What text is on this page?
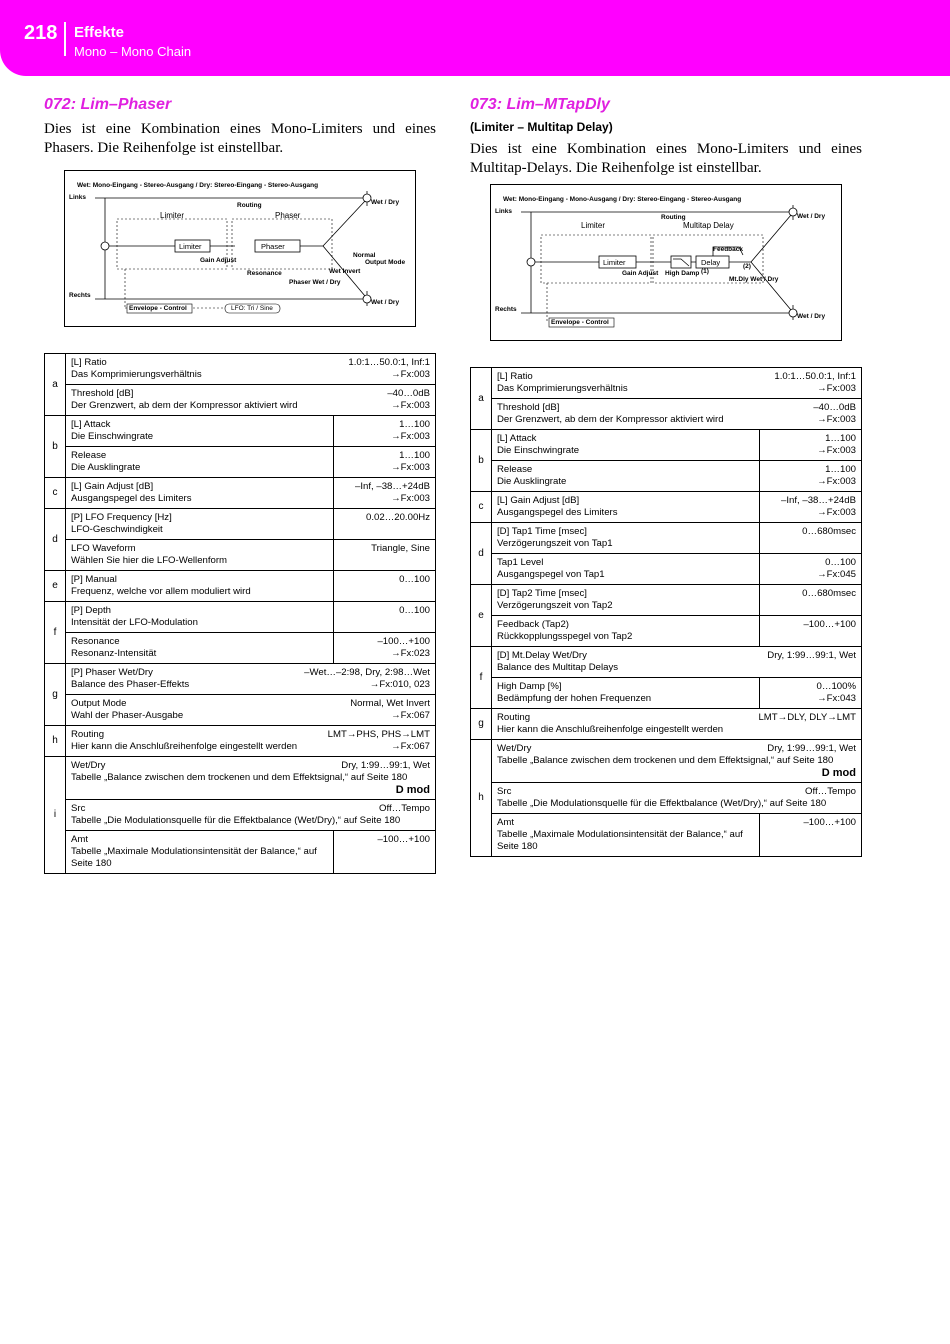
218 Effekte
Mono – Mono Chain
072: Lim–Phaser

Dies ist eine Kombination eines Mono-Limiters und eines Phasers. Die Reihenfolge ist einstellbar.

Wet: Mono-Eingang - Stereo-Ausgang / Dry: Stereo-Eingang - Stereo-Ausgang
Links
Rechts
Routing
Limiter	Phaser
Limiter	Phaser
Gain Adjust
Resonance
Phaser Wet / Dry
Normal
Wet Invert
Output Mode
Wet / Dry
Wet / Dry
Envelope - Control	LFO: Tri / Sine
a	[L] Ratio 1.0:1…50.0:1, Inf:1
Das Komprimierungsverhältnis →Fx:003	

	Threshold [dB] –40…0dB
Der Grenzwert, ab dem der Kompressor aktiviert wird →Fx:003	

b	[L] Attack
Die Einschwingrate	1…100
→Fx:003

	Release
Die Ausklingrate	1…100
→Fx:003

c	[L] Gain Adjust [dB]
Ausgangspegel des Limiters	–Inf, –38…+24dB
→Fx:003

d	[P] LFO Frequency [Hz]
LFO-Geschwindigkeit	0.02…20.00Hz

	LFO Waveform
Wählen Sie hier die LFO-Wellenform	Triangle, Sine

e	[P] Manual
Frequenz, welche vor allem moduliert wird	0…100

f	[P] Depth
Intensität der LFO-Modulation	0…100

	Resonance
Resonanz-Intensität	–100…+100
→Fx:023

g	[P] Phaser Wet/Dry –Wet…–2:98, Dry, 2:98…Wet
Balance des Phaser-Effekts →Fx:010, 023	

	Output Mode Normal, Wet Invert
Wahl der Phaser-Ausgabe →Fx:067	

h	Routing LMT→PHS, PHS→LMT
Hier kann die Anschlußreihenfolge eingestellt werden →Fx:067	

i	Wet/Dry Dry, 1:99…99:1, Wet
Tabelle „Balance zwischen dem trockenen und dem Effektsignal,“ auf Seite 180
D mod	

	Src Off…Tempo
Tabelle „Die Modulationsquelle für die Effektbalance (Wet/Dry),“ auf Seite 180	

	Amt
Tabelle „Maximale Modulationsintensität der Balance,“ auf Seite 180	–100…+100
073: Lim–MTapDly
(Limiter – Multitap Delay)

Dies ist eine Kombination eines Mono-Limiters und eines Multitap-Delays. Die Reihenfolge ist einstellbar.

Wet: Mono-Eingang - Mono-Ausgang / Dry: Stereo-Eingang - Stereo-Ausgang
Links
Rechts
Routing
Limiter	Multitap Delay
Limiter	Delay
Feedback
Gain Adjust High Damp (1)
(2)
Mt.Dly Wet / Dry
Wet / Dry
Wet / Dry
Envelope - Control
a	[L] Ratio 1.0:1…50.0:1, Inf:1
Das Komprimierungsverhältnis →Fx:003	

	Threshold [dB] –40…0dB
Der Grenzwert, ab dem der Kompressor aktiviert wird →Fx:003	

b	[L] Attack
Die Einschwingrate	1…100
→Fx:003

	Release
Die Ausklingrate	1…100
→Fx:003

c	[L] Gain Adjust [dB]
Ausgangspegel des Limiters	–Inf, –38…+24dB
→Fx:003

d	[D] Tap1 Time [msec]
Verzögerungszeit von Tap1	0…680msec

	Tap1 Level
Ausgangspegel von Tap1	0…100
→Fx:045

e	[D] Tap2 Time [msec]
Verzögerungszeit von Tap2	0…680msec

	Feedback (Tap2)
Rückkopplungsspegel von Tap2	–100…+100

f	[D] Mt.Delay Wet/Dry Dry, 1:99…99:1, Wet
Balance des Multitap Delays	

	High Damp [%]
Bedämpfung der hohen Frequenzen	0…100%
→Fx:043

g	Routing LMT→DLY, DLY→LMT
Hier kann die Anschlußreihenfolge eingestellt werden	

h	Wet/Dry Dry, 1:99…99:1, Wet
Tabelle „Balance zwischen dem trockenen und dem Effektsignal,“ auf Seite 180
D mod	

	Src Off…Tempo
Tabelle „Die Modulationsquelle für die Effektbalance (Wet/Dry),“ auf Seite 180	

	Amt
Tabelle „Maximale Modulationsintensität der Balance,“ auf Seite 180	–100…+100
